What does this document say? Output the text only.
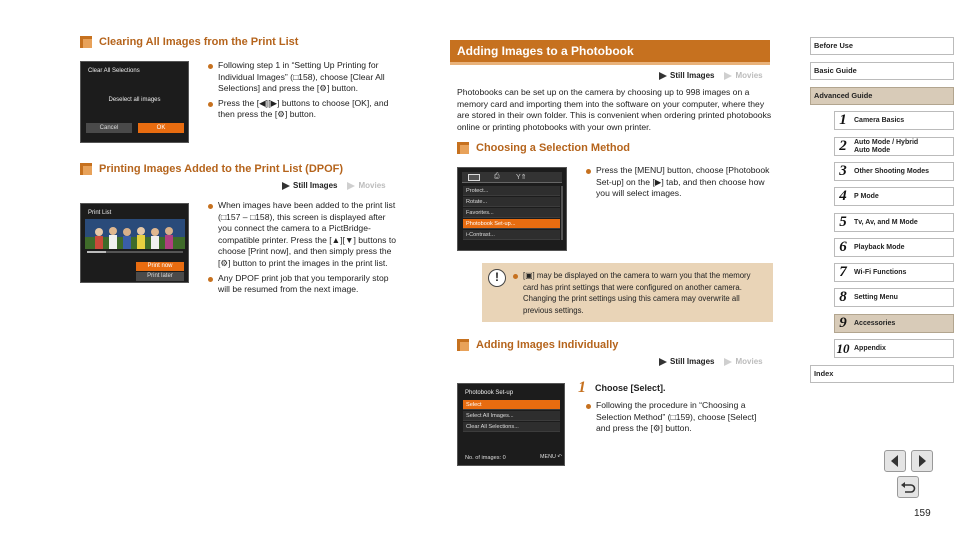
Clearing All Images from the Print List
Clear All Selections
Deselect all images
Cancel	OK
Following step 1 in “Setting Up Printing for Individual Images” (□158), choose [Clear All Selections] and press the [⚙] button.
Press the [◀][▶] buttons to choose [OK], and then press the [⚙] button.
Printing Images Added to the Print List (DPOF)
Still Images	Movies
Print List
Print now
Print later
When images have been added to the print list (□157 – □158), this screen is displayed after you connect the camera to a PictBridge-compatible printer. Press the [▲][▼] buttons to choose [Print now], and then simply press the [⚙] button to print the images in the print list.
Any DPOF print job that you temporarily stop will be resumed from the next image.
Adding Images to a Photobook
Still Images	Movies
Photobooks can be set up on the camera by choosing up to 998 images on a memory card and importing them into the software on your computer, where they are stored in their own folder. This is convenient when ordering printed photobooks online or printing photobooks with your own printer.
Choosing a Selection Method
⎙ Y⇑
Protect...
Rotate...
Favorites...
Photobook Set-up...
i-Contrast...
Press the [MENU] button, choose [Photobook Set-up] on the [▶] tab, and then choose how you will select images.
!	[▣] may be displayed on the camera to warn you that the memory card has print settings that were configured on another camera. Changing the print settings using this camera may overwrite all previous settings.
Adding Images Individually
Still Images	Movies
Photobook Set-up
Select
Select All Images...
Clear All Selections...
No. of images: 0	MENU ↶
1 Choose [Select].
Following the procedure in “Choosing a Selection Method” (□159), choose [Select] and press the [⚙] button.
Before Use
Basic Guide
Advanced Guide
1	Camera Basics
2	Auto Mode / Hybrid Auto Mode
3	Other Shooting Modes
4	P Mode
5	Tv, Av, and M Mode
6	Playback Mode
7	Wi-Fi Functions
8	Setting Menu
9	Accessories
10 Appendix
Index
159
